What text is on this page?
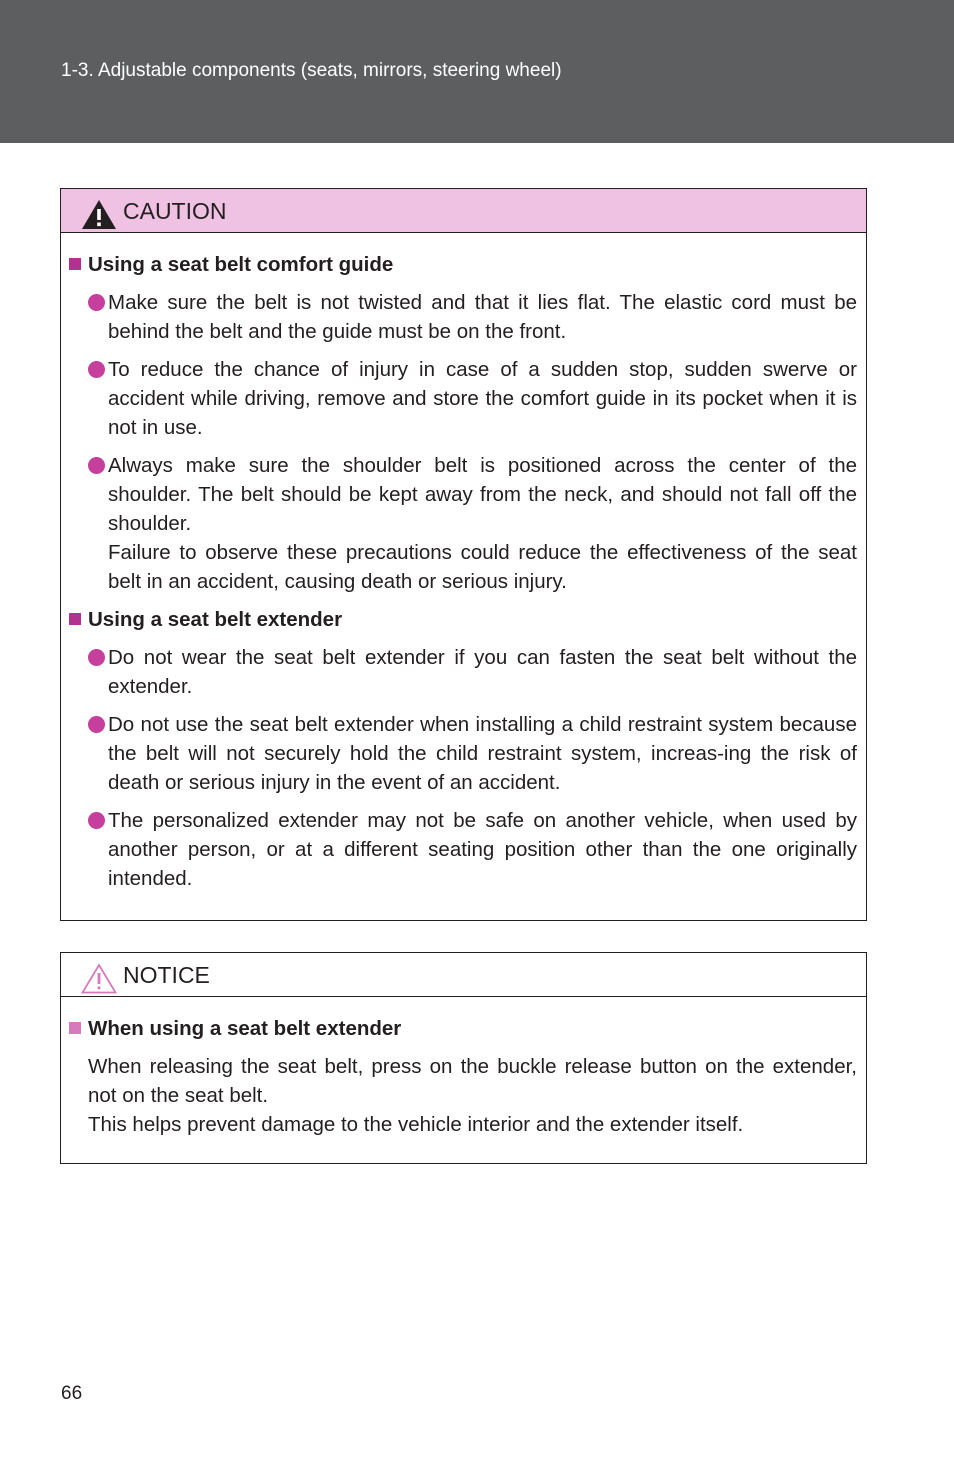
1-3. Adjustable components (seats, mirrors, steering wheel)
CAUTION
Using a seat belt comfort guide

Make sure the belt is not twisted and that it lies flat. The elastic cord must be behind the belt and the guide must be on the front.

To reduce the chance of injury in case of a sudden stop, sudden swerve or accident while driving, remove and store the comfort guide in its pocket when it is not in use.

Always make sure the shoulder belt is positioned across the center of the shoulder. The belt should be kept away from the neck, and should not fall off the shoulder.

Failure to observe these precautions could reduce the effectiveness of the seat belt in an accident, causing death or serious injury.

Using a seat belt extender

Do not wear the seat belt extender if you can fasten the seat belt without the extender.

Do not use the seat belt extender when installing a child restraint system because the belt will not securely hold the child restraint system, increas-ing the risk of death or serious injury in the event of an accident.

The personalized extender may not be safe on another vehicle, when used by another person, or at a different seating position other than the one originally intended.

NOTICE
When using a seat belt extender

When releasing the seat belt, press on the buckle release button on the extender, not on the seat belt.

This helps prevent damage to the vehicle interior and the extender itself.

66
